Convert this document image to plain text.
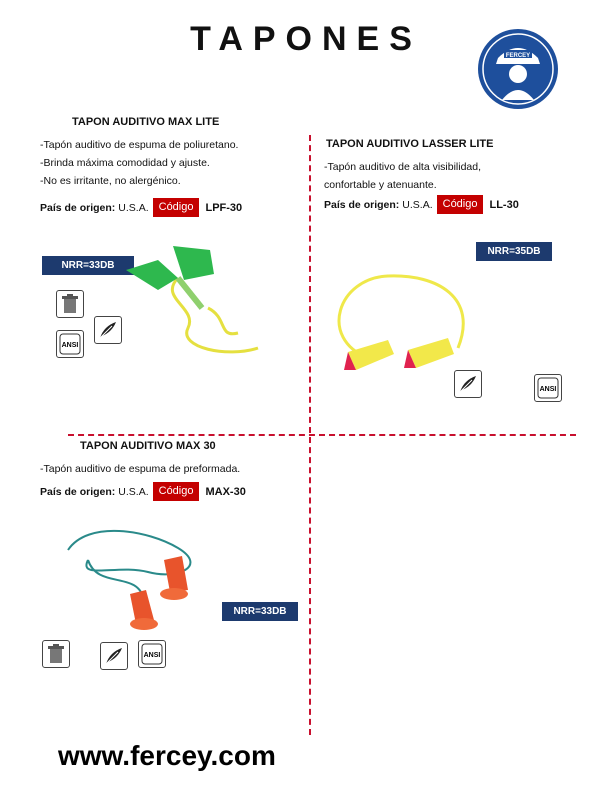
TAPONES	FERCEY
TAPON AUDITIVO MAX LITE
-Tapón auditivo de espuma de poliuretano.
-Brinda máxima comodidad y ajuste.
-No es irritante, no alergénico.
País de origen: U.S.A. Código	LPF-30
NRR=33DB
ANSI
TAPON AUDITIVO LASSER LITE
-Tapón auditivo de alta visibilidad,
confortable y atenuante.
País de origen: U.S.A. Código	LL-30
NRR=35DB
ANSI
TAPON AUDITIVO MAX 30
-Tapón auditivo de espuma de preformada.
País de origen: U.S.A. Código	MAX-30
NRR=33DB
ANSI
www.fercey.com
